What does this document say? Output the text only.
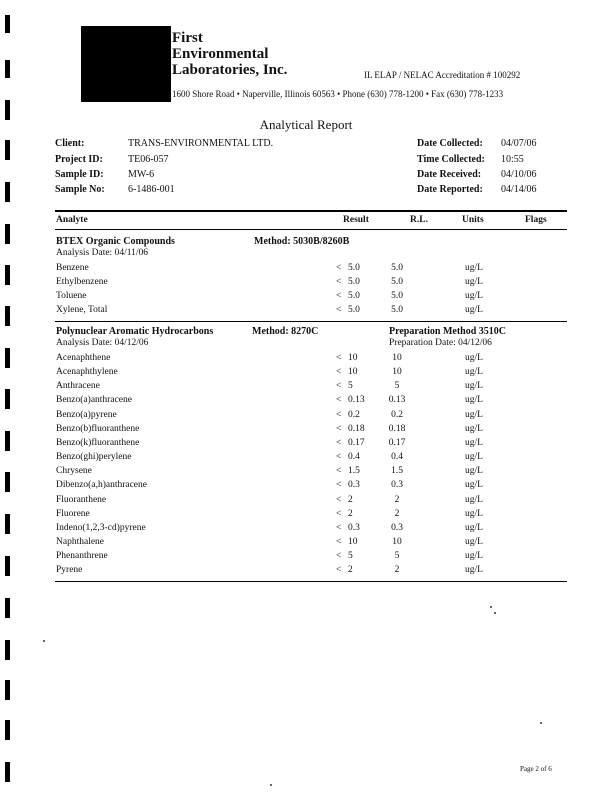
First
Environmental
Laboratories, Inc.	IL ELAP / NELAC Accreditation # 100292
1600 Shore Road • Naperville, Illinois 60563 • Phone (630) 778-1200 • Fax (630) 778-1233
Analytical Report
Client:	TRANS-ENVIRONMENTAL LTD.
Project ID:	TE06-057
Sample ID: MW-6
Sample No: 6-1486-001
Date Collected: 04/07/06
Time Collected: 10:55
Date Received: 04/10/06
Date Reported: 04/14/06
Analyte	Result	R.L.	Units	Flags
BTEX Organic Compounds	Method: 5030B/8260B
Analysis Date: 04/11/06
Benzene	< 5.0	5.0	ug/L
Ethylbenzene	< 5.0	5.0	ug/L
Toluene	< 5.0	5.0	ug/L
Xylene, Total	< 5.0	5.0	ug/L
Polynuclear Aromatic Hydrocarbons	Method: 8270C	Preparation Method 3510C
Analysis Date: 04/12/06	Preparation Date: 04/12/06
Acenaphthene	< 10	10	ug/L
Acenaphthylene	< 10	10	ug/L
Anthracene	< 5	5	ug/L
Benzo(a)anthracene	< 0.13	0.13	ug/L
Benzo(a)pyrene	< 0.2	0.2	ug/L
Benzo(b)fluoranthene	< 0.18	0.18	ug/L
Benzo(k)fluoranthene	< 0.17	0.17	ug/L
Benzo(ghi)perylene	< 0.4	0.4	ug/L
Chrysene	< 1.5	1.5	ug/L
Dibenzo(a,h)anthracene	< 0.3	0.3	ug/L
Fluoranthene	< 2	2	ug/L
Fluorene	< 2	2	ug/L
Indeno(1,2,3-cd)pyrene	< 0.3	0.3	ug/L
Naphthalene	< 10	10	ug/L
Phenanthrene	< 5	5	ug/L
Pyrene	< 2	2	ug/L
Page 2 of 6
